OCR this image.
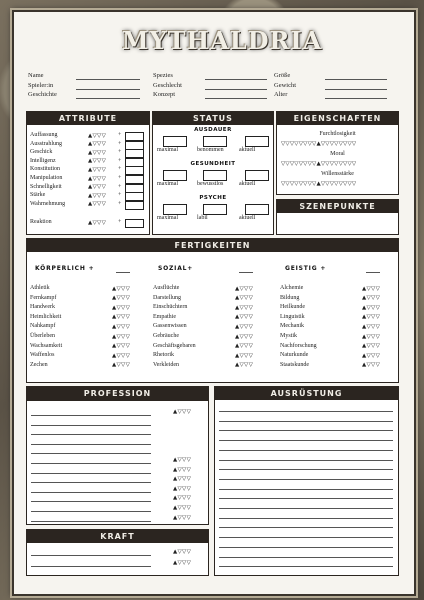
MYTHALDRIA
Name
Spieler:in
Geschichte
Spezies
Geschlecht
Konzept
Größe
Gewicht
Alter
ATTRIBUTE
Auffassung	▲▽▽▽ +
Ausstrahlung	▲▽▽▽ +
Geschick	▲▽▽▽ +
Intelligenz	▲▽▽▽ +
Konstitution	▲▽▽▽ +
Manipulation	▲▽▽▽ +
Schnelligkeit	▲▽▽▽ +
Stärke	▲▽▽▽ +
Wahrnehmung	▲▽▽▽ +
Reaktion	▲▽▽▽ +
STATUS
AUSDAUER
maximal	benommen	aktuell
GESUNDHEIT
maximal	bewusstlos	aktuell
PSYCHE
maximal	labil	aktuell
EIGENSCHAFTEN
Furchtlosigkeit
▽▽▽▽▽▽▽▽▲▽▽▽▽▽▽▽▽
Moral
▽▽▽▽▽▽▽▽▲▽▽▽▽▽▽▽▽
Willensstärke
▽▽▽▽▽▽▽▽▲▽▽▽▽▽▽▽▽
SZENEPUNKTE
FERTIGKEITEN
KÖRPERLICH +
Athletik	▲▽▽▽
Fernkampf	▲▽▽▽
Handwerk	▲▽▽▽
Heimlichkeit	▲▽▽▽
Nahkampf	▲▽▽▽
Überleben	▲▽▽▽
Wachsamkeit	▲▽▽▽
Waffenlos	▲▽▽▽
Zechen	▲▽▽▽
SOZIAL+
Ausflüchte	▲▽▽▽
Darstellung	▲▽▽▽
Einschüchtern	▲▽▽▽
Empathie	▲▽▽▽
Gassenwissen	▲▽▽▽
Gebräuche	▲▽▽▽
Geschäftsgebaren	▲▽▽▽
Rhetorik	▲▽▽▽
Verkleiden	▲▽▽▽
GEISTIG +
Alchemie	▲▽▽▽
Bildung	▲▽▽▽
Heilkunde	▲▽▽▽
Linguistik	▲▽▽▽
Mechanik	▲▽▽▽
Mystik	▲▽▽▽
Nachforschung	▲▽▽▽
Naturkunde	▲▽▽▽
Staatskunde	▲▽▽▽
PROFESSION
▲▽▽▽
▲▽▽▽
▲▽▽▽
▲▽▽▽
▲▽▽▽
▲▽▽▽
▲▽▽▽
▲▽▽▽
KRAFT
▲▽▽▽
▲▽▽▽
AUSRÜSTUNG
